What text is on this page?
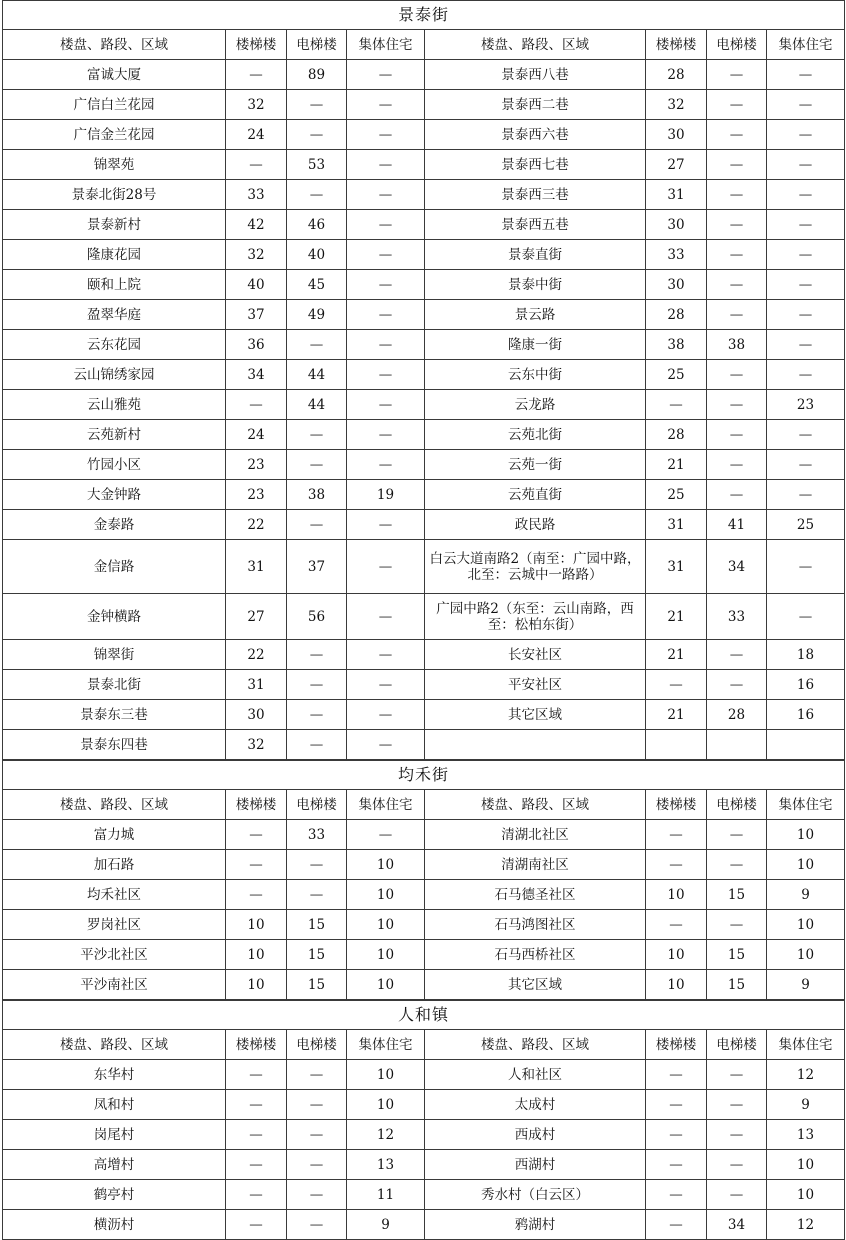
景泰街							
楼盘、路段、区域	楼梯楼	电梯楼	集体住宅	楼盘、路段、区域	楼梯楼	电梯楼	集体住宅
富诚大厦	—	89	—	景泰西八巷	28	—	—
广信白兰花园	32	—	—	景泰西二巷	32	—	—
广信金兰花园	24	—	—	景泰西六巷	30	—	—
锦翠苑	—	53	—	景泰西七巷	27	—	—
景泰北街28号	33	—	—	景泰西三巷	31	—	—
景泰新村	42	46	—	景泰西五巷	30	—	—
隆康花园	32	40	—	景泰直街	33	—	—
颐和上院	40	45	—	景泰中街	30	—	—
盈翠华庭	37	49	—	景云路	28	—	—
云东花园	36	—	—	隆康一街	38	38	—
云山锦绣家园	34	44	—	云东中街	25	—	—
云山雅苑	—	44	—	云龙路	—	—	23
云苑新村	24	—	—	云苑北街	28	—	—
竹园小区	23	—	—	云苑一街	21	—	—
大金钟路	23	38	19	云苑直街	25	—	—
金泰路	22	—	—	政民路	31	41	25
金信路	31	37	—	白云大道南路2（南至：广园中路，北至：云城中一路路）	31	34	—
金钟横路	27	56	—	广园中路2（东至：云山南路，西至：松柏东街）	21	33	—
锦翠街	22	—	—	长安社区	21	—	18
景泰北街	31	—	—	平安社区	—	—	16
景泰东三巷	30	—	—	其它区域	21	28	16
景泰东四巷	32	—	—				
均禾街							
楼盘、路段、区域	楼梯楼	电梯楼	集体住宅	楼盘、路段、区域	楼梯楼	电梯楼	集体住宅
富力城	—	33	—	清湖北社区	—	—	10
加石路	—	—	10	清湖南社区	—	—	10
均禾社区	—	—	10	石马德圣社区	10	15	9
罗岗社区	10	15	10	石马鸿图社区	—	—	10
平沙北社区	10	15	10	石马西桥社区	10	15	10
平沙南社区	10	15	10	其它区域	10	15	9
人和镇							
楼盘、路段、区域	楼梯楼	电梯楼	集体住宅	楼盘、路段、区域	楼梯楼	电梯楼	集体住宅
东华村	—	—	10	人和社区	—	—	12
凤和村	—	—	10	太成村	—	—	9
岗尾村	—	—	12	西成村	—	—	13
高增村	—	—	13	西湖村	—	—	10
鹤亭村	—	—	11	秀水村（白云区）	—	—	10
横沥村	—	—	9	鸦湖村	—	34	12
